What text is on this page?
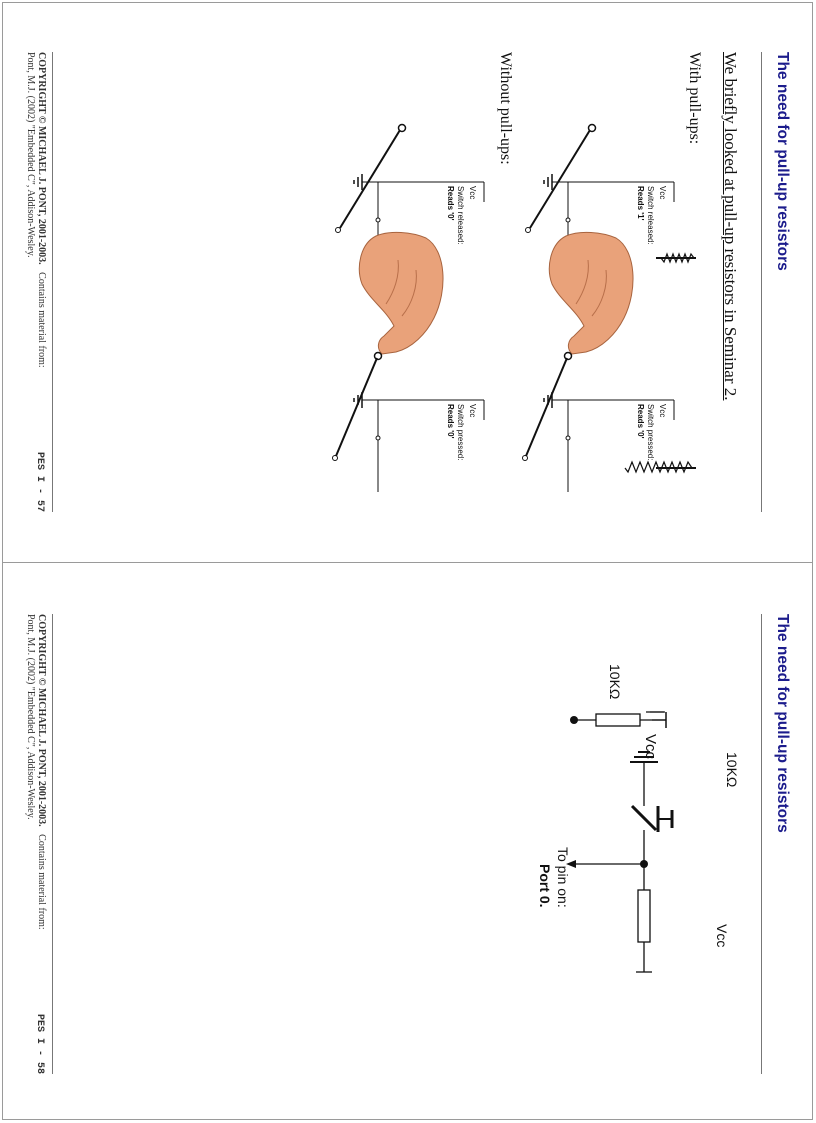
The need for pull-up resistors
We briefly looked at pull-up resistors in Seminar 2.
With pull-ups:
Without pull-ups:
Vcc
Switch released:
Reads '1'
Vcc
Switch pressed:
Reads '0'
Vcc
Switch released:
Reads '0'
Vcc
Switch pressed:
Reads '0'
COPYRIGHT © MICHAEL J. PONT, 2001-2003.   Contains material from:
Pont, M.J. (2002) "Embedded C", Addison-Wesley.
PES I - 57
The need for pull-up resistors
Vcc
10KΩ
Vcc
10KΩ
To pin on:
Port 0.
COPYRIGHT © MICHAEL J. PONT, 2001-2003.   Contains material from:
Pont, M.J. (2002) "Embedded C", Addison-Wesley.
PES I - 58
